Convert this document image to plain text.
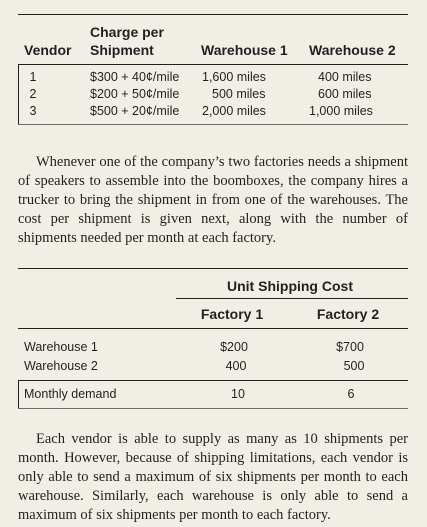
Charge per
Vendor Shipment	Warehouse 1 Warehouse 2
1	$300 + 40¢/mile 1,600 miles	400 miles
2	$200 + 50¢/mile	500 miles	600 miles
3	$500 + 20¢/mile 2,000 miles	1,000 miles

Whenever one of the company’s two factories needs a shipment of speakers to assemble into the boomboxes, the company hires a trucker to bring the shipment in from one of the warehouses. The cost per shipment is given next, along with the number of shipments needed per month at each factory.

Unit Shipping Cost
Factory 1	Factory 2
Warehouse 1	$200	$700
Warehouse 2	400	500
Monthly demand	10	6

Each vendor is able to supply as many as 10 shipments per month. However, because of shipping limitations, each vendor is only able to send a maximum of six shipments per month to each warehouse. Similarly, each warehouse is only able to send a maximum of six shipments per month to each factory.
